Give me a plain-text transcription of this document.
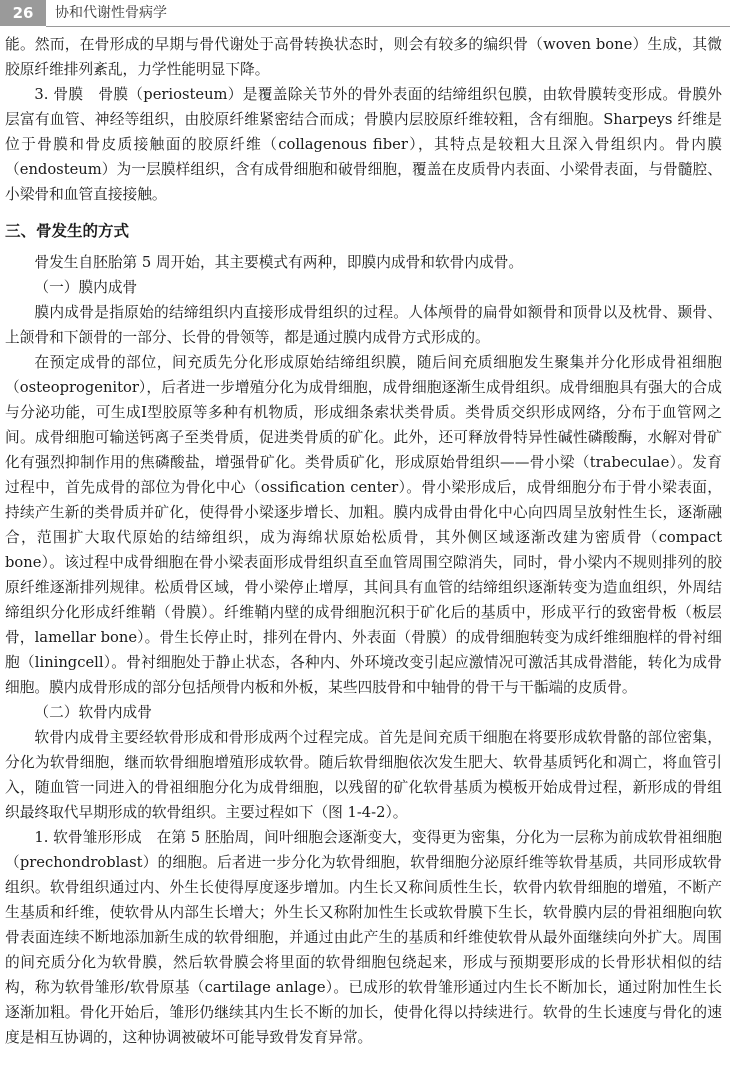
26	协和代谢性骨病学

能。然而，在骨形成的早期与骨代谢处于高骨转换状态时，则会有较多的编织骨（woven bone）生成，其微胶原纤维排列紊乱，力学性能明显下降。

3. 骨膜　骨膜（periosteum）是覆盖除关节外的骨外表面的结缔组织包膜，由软骨膜转变形成。骨膜外层富有血管、神经等组织，由胶原纤维紧密结合而成；骨膜内层胶原纤维较粗，含有细胞。Sharpeys 纤维是位于骨膜和骨皮质接触面的胶原纤维（collagenous fiber），其特点是较粗大且深入骨组织内。骨内膜（endosteum）为一层膜样组织，含有成骨细胞和破骨细胞，覆盖在皮质骨内表面、小梁骨表面，与骨髓腔、小梁骨和血管直接接触。

三、骨发生的方式

骨发生自胚胎第 5 周开始，其主要模式有两种，即膜内成骨和软骨内成骨。

（一）膜内成骨

膜内成骨是指原始的结缔组织内直接形成骨组织的过程。人体颅骨的扁骨如额骨和顶骨以及枕骨、颞骨、上颌骨和下颌骨的一部分、长骨的骨领等，都是通过膜内成骨方式形成的。

在预定成骨的部位，间充质先分化形成原始结缔组织膜，随后间充质细胞发生聚集并分化形成骨祖细胞（osteoprogenitor），后者进一步增殖分化为成骨细胞，成骨细胞逐渐生成骨组织。成骨细胞具有强大的合成与分泌功能，可生成Ⅰ型胶原等多种有机物质，形成细条索状类骨质。类骨质交织形成网络，分布于血管网之间。成骨细胞可输送钙离子至类骨质，促进类骨质的矿化。此外，还可释放骨特异性碱性磷酸酶，水解对骨矿化有强烈抑制作用的焦磷酸盐，增强骨矿化。类骨质矿化，形成原始骨组织——骨小梁（trabeculae）。发育过程中，首先成骨的部位为骨化中心（ossification center）。骨小梁形成后，成骨细胞分布于骨小梁表面，持续产生新的类骨质并矿化，使得骨小梁逐步增长、加粗。膜内成骨由骨化中心向四周呈放射性生长，逐渐融合，范围扩大取代原始的结缔组织，成为海绵状原始松质骨，其外侧区域逐渐改建为密质骨（compact bone）。该过程中成骨细胞在骨小梁表面形成骨组织直至血管周围空隙消失，同时，骨小梁内不规则排列的胶原纤维逐渐排列规律。松质骨区域，骨小梁停止增厚，其间具有血管的结缔组织逐渐转变为造血组织，外周结缔组织分化形成纤维鞘（骨膜）。纤维鞘内壁的成骨细胞沉积于矿化后的基质中，形成平行的致密骨板（板层骨，lamellar bone）。骨生长停止时，排列在骨内、外表面（骨膜）的成骨细胞转变为成纤维细胞样的骨衬细胞（liningcell）。骨衬细胞处于静止状态，各种内、外环境改变引起应激情况可激活其成骨潜能，转化为成骨细胞。膜内成骨形成的部分包括颅骨内板和外板，某些四肢骨和中轴骨的骨干与干骺端的皮质骨。

（二）软骨内成骨

软骨内成骨主要经软骨形成和骨形成两个过程完成。首先是间充质干细胞在将要形成软骨骼的部位密集，分化为软骨细胞，继而软骨细胞增殖形成软骨。随后软骨细胞依次发生肥大、软骨基质钙化和凋亡，将血管引入，随血管一同进入的骨祖细胞分化为成骨细胞，以残留的矿化软骨基质为模板开始成骨过程，新形成的骨组织最终取代早期形成的软骨组织。主要过程如下（图 1-4-2）。

1. 软骨雏形形成　在第 5 胚胎周，间叶细胞会逐渐变大，变得更为密集，分化为一层称为前成软骨祖细胞（prechondroblast）的细胞。后者进一步分化为软骨细胞，软骨细胞分泌原纤维等软骨基质，共同形成软骨组织。软骨组织通过内、外生长使得厚度逐步增加。内生长又称间质性生长，软骨内软骨细胞的增殖，不断产生基质和纤维，使软骨从内部生长增大；外生长又称附加性生长或软骨膜下生长，软骨膜内层的骨祖细胞向软骨表面连续不断地添加新生成的软骨细胞，并通过由此产生的基质和纤维使软骨从最外面继续向外扩大。周围的间充质分化为软骨膜，然后软骨膜会将里面的软骨细胞包绕起来，形成与预期要形成的长骨形状相似的结构，称为软骨雏形/软骨原基（cartilage anlage）。已成形的软骨雏形通过内生长不断加长，通过附加性生长逐渐加粗。骨化开始后，雏形仍继续其内生长不断的加长，使骨化得以持续进行。软骨的生长速度与骨化的速度是相互协调的，这种协调被破坏可能导致骨发育异常。
